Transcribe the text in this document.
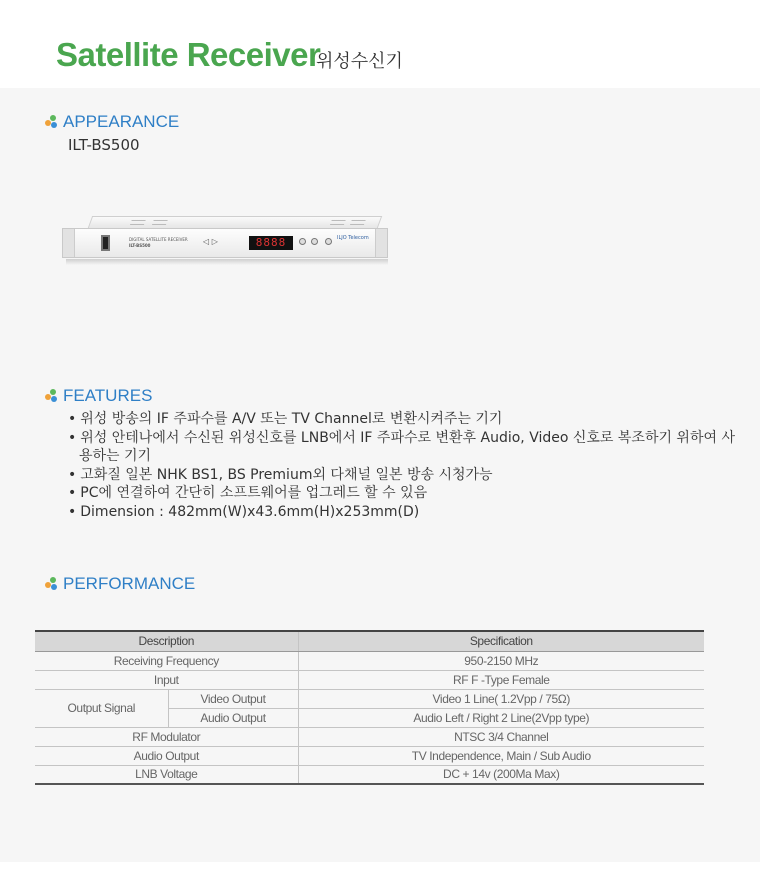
Satellite Receiver
위성수신기
APPEARANCE
ILT-BS500
DIGITAL SATELLITE RECEIVER
ILT-BS500	◁ ▷	8888	ILJO Telecom
FEATURES
• 위성 방송의 IF 주파수를 A/V 또는 TV Channel로 변환시켜주는 기기
• 위성 안테나에서 수신된 위성신호를 LNB에서 IF 주파수로 변환후 Audio, Video 신호로 복조하기 위하여 사용하는 기기
• 고화질 일본 NHK BS1, BS Premium외 다채널 일본 방송 시청가능
• PC에 연결하여 간단히 소프트웨어를 업그레드 할 수 있음
• Dimension : 482mm(W)x43.6mm(H)x253mm(D)
PERFORMANCE
Description		Specification
Receiving Frequency		950-2150 MHz
Input		RF F -Type Female
Output Signal	Video Output	Video 1 Line( 1.2Vpp / 75Ω)
	Audio Output	Audio Left / Right 2 Line(2Vpp type)
RF Modulator		NTSC 3/4 Channel
Audio Output		TV Independence, Main / Sub Audio
LNB Voltage		DC + 14v (200Ma Max)
